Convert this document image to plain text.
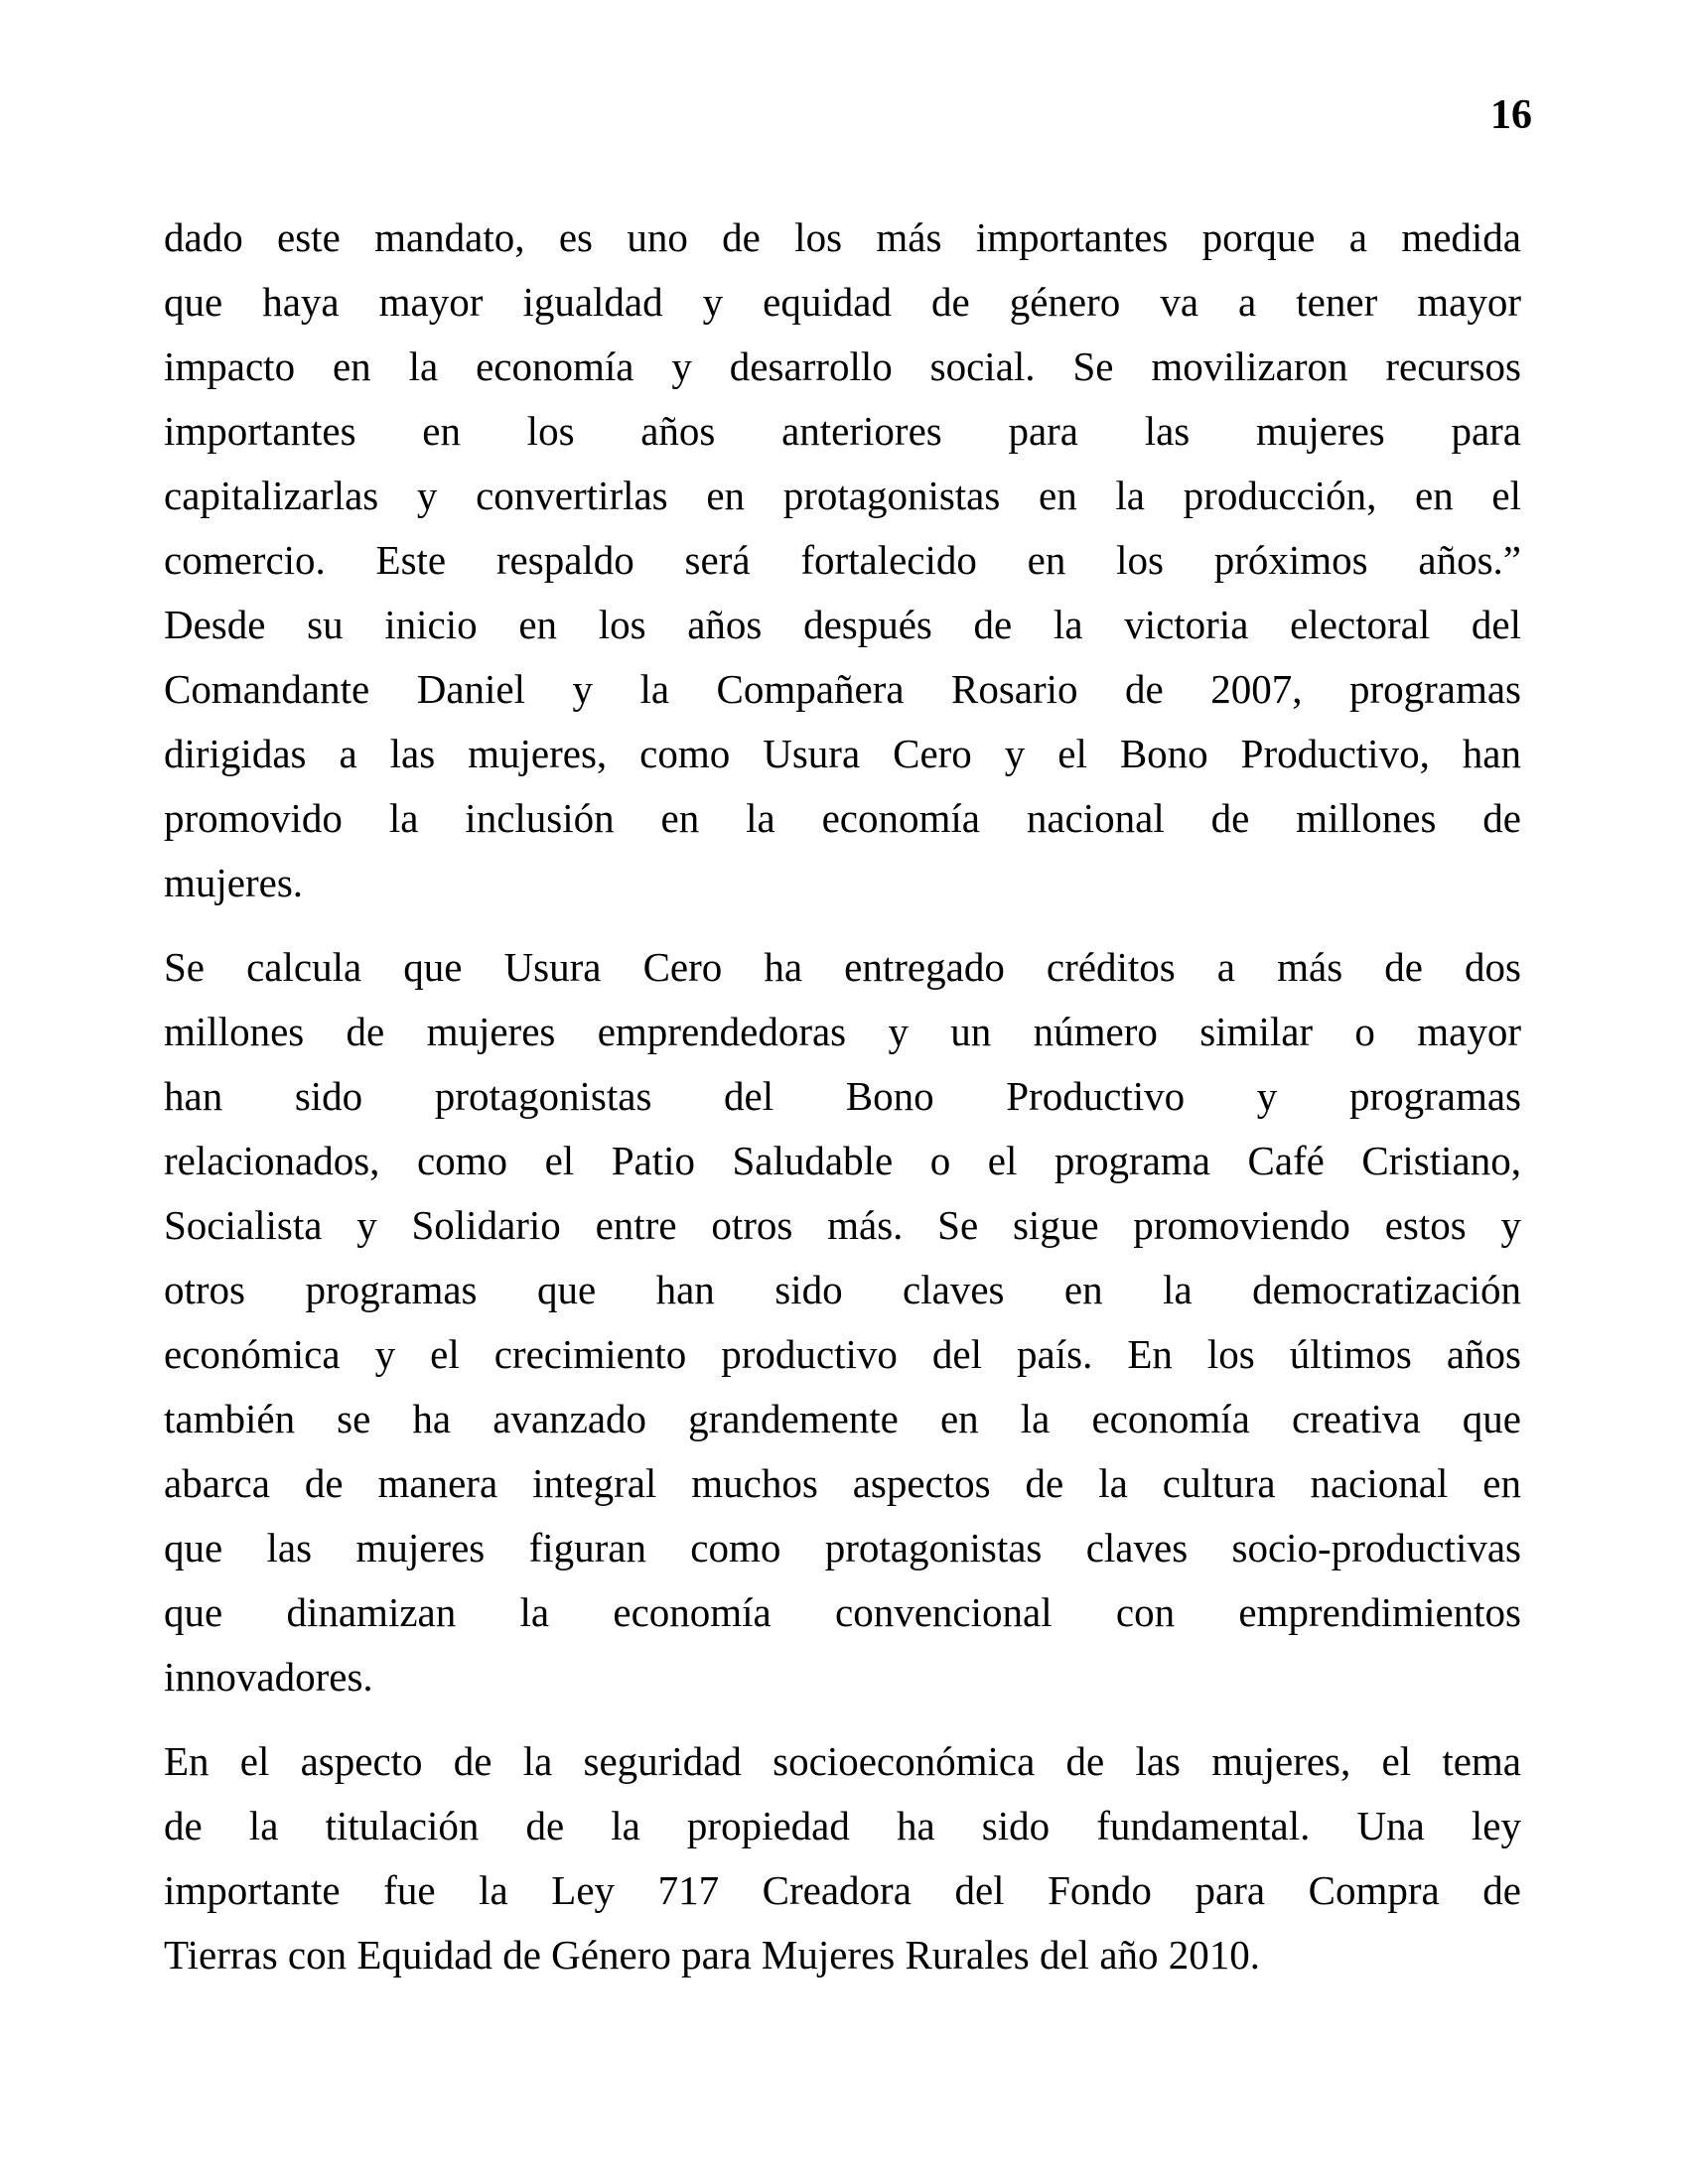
16
dado este mandato, es uno de los más importantes porque a medida
que haya mayor igualdad y equidad de género va a tener mayor
impacto en la economía y desarrollo social. Se movilizaron recursos
importantes en los años anteriores para las mujeres para
capitalizarlas y convertirlas en protagonistas en la producción, en el
comercio. Este respaldo será fortalecido en los próximos años.”
Desde su inicio en los años después de la victoria electoral del
Comandante Daniel y la Compañera Rosario de 2007, programas
dirigidas a las mujeres, como Usura Cero y el Bono Productivo, han
promovido la inclusión en la economía nacional de millones de
mujeres.
Se calcula que Usura Cero ha entregado créditos a más de dos
millones de mujeres emprendedoras y un número similar o mayor
han sido protagonistas del Bono Productivo y programas
relacionados, como el Patio Saludable o el programa Café Cristiano,
Socialista y Solidario entre otros más. Se sigue promoviendo estos y
otros programas que han sido claves en la democratización
económica y el crecimiento productivo del país. En los últimos años
también se ha avanzado grandemente en la economía creativa que
abarca de manera integral muchos aspectos de la cultura nacional en
que las mujeres figuran como protagonistas claves socio-productivas
que dinamizan la economía convencional con emprendimientos
innovadores.
En el aspecto de la seguridad socioeconómica de las mujeres, el tema
de la titulación de la propiedad ha sido fundamental. Una ley
importante fue la Ley 717 Creadora del Fondo para Compra de
Tierras con Equidad de Género para Mujeres Rurales del año 2010.
